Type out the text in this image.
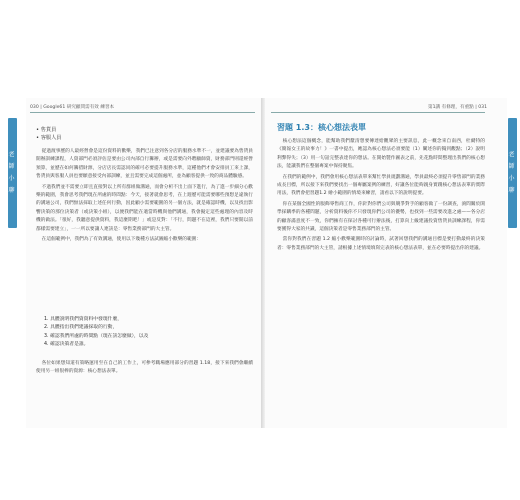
老 師 小 聊	老 師 小 聊
030 | Google61 研究顧問需有效 練習本
• 售貨員
• 客服人員

從過渡事歷的人最經營會是這份資料的歡樂，我們已注意到各分店的服務水準不一，並建議要為售貨員開辦訓練課程，人資部門必須評估是要由公司內部自行籌辦，或是需要向外聘顧師資，財務部門則還經營預算，並歷在如何籌措財源，分店店長需認同的確可必要提升服務水準，這種他們才會安排員工來上課，售貨員與客服人員也要願意接受內部訓練，並且需要完成這個處所，並為顧客提供一致的商品體驗感。

不過我們並不需要立即且直接對以上所有群組做溝通，而會分析不出上面下進行，為了進一步細分心歡樂的範圍，我會思考我們現在所處的時間點：今天，接著就會思考，在上週歷可能需要哪些預想足違執行的溝通公司，我們無法採取上述任何行動，因此顧小需要範圍的另一個方法，就是確認時機，以及找出影響決策的那位決策者（或決策小組），以便我們能在適當時機與他們溝通，我會擬定這些處理的內容及時機的做法。「很好，我聽意提供資料，我這麼期吧！」或是反對：「不行，問題不在這裡，我們只要開以前都樣需要建立」，一一所以要讓人連該是：零售業務部門的大主管。

在這個範例中，我們為了有效溝通，使用以下幾種方法試圖縮小歡樂的範圍：

1. 具體說明我們資資料中發現什麼，
2. 具體指出我們建議採取的行動，
3. 確認我們所處的時間點（現在該怎麼做），以及
4. 確認決策者是誰。

各位如果想知道有策略運用至在自己的工作上，可參考職場應用部分的習題 1.18，接下來我們會繼續使用另一組很棒的資源：核心想法表單。

第1講 有條理，有重點 | 031
習題 1.3：核心想法表單

核心想法這個概念，能幫助我們釐清想要傳達給觀眾的主要訊息，此一概念來自南西，杜爾特的《簡報女王的故事力！》一書中提出，她認為核心想法必須要能（1）闡述你的獨到觀點；（2）說明利弊得失；（3）用一句話完整表達你的想法。在開始製作圖表之前，先花點時間整理出我們的核心想法，能讓我們在整個專案中保持聚焦。

在我們的範例中，我們會用核心想法表單來幫忙學員規劃溝通，學員最終必須提升零售部門的業務成長目標，所以接下來我們要找出一個專屬案例的練習，好讓各位能夠親身實踐核心想法表單的實際用法，我們會把習題1.2 繪小範圍的情境來練習，請看以下的說明提要。

你在某個全國性的服飾零售商工作，你針對你們公司與競爭對手的顧客做了一份調查，詢問關於開學採購季的各種問題，分析資料後你不只發現你們公司的優勢，也找到一些需要改進之處——各分店的顧客滿意度不一致，你們擁有在探討各種可行辦法後，打算向上級建議投資售貨員訓練課程，你需要獲得大家的共識，這個決策者是零售業務部門的主管。

當你對我們在習題 1.2 縮小歡樂範圍時的討論時，試著回想我們的溝通目標是要打動最終的決策者：零售業務部門的大主管，請根據上述情境填寫完表的核心想法表單，並在必要時提出你的建議。
